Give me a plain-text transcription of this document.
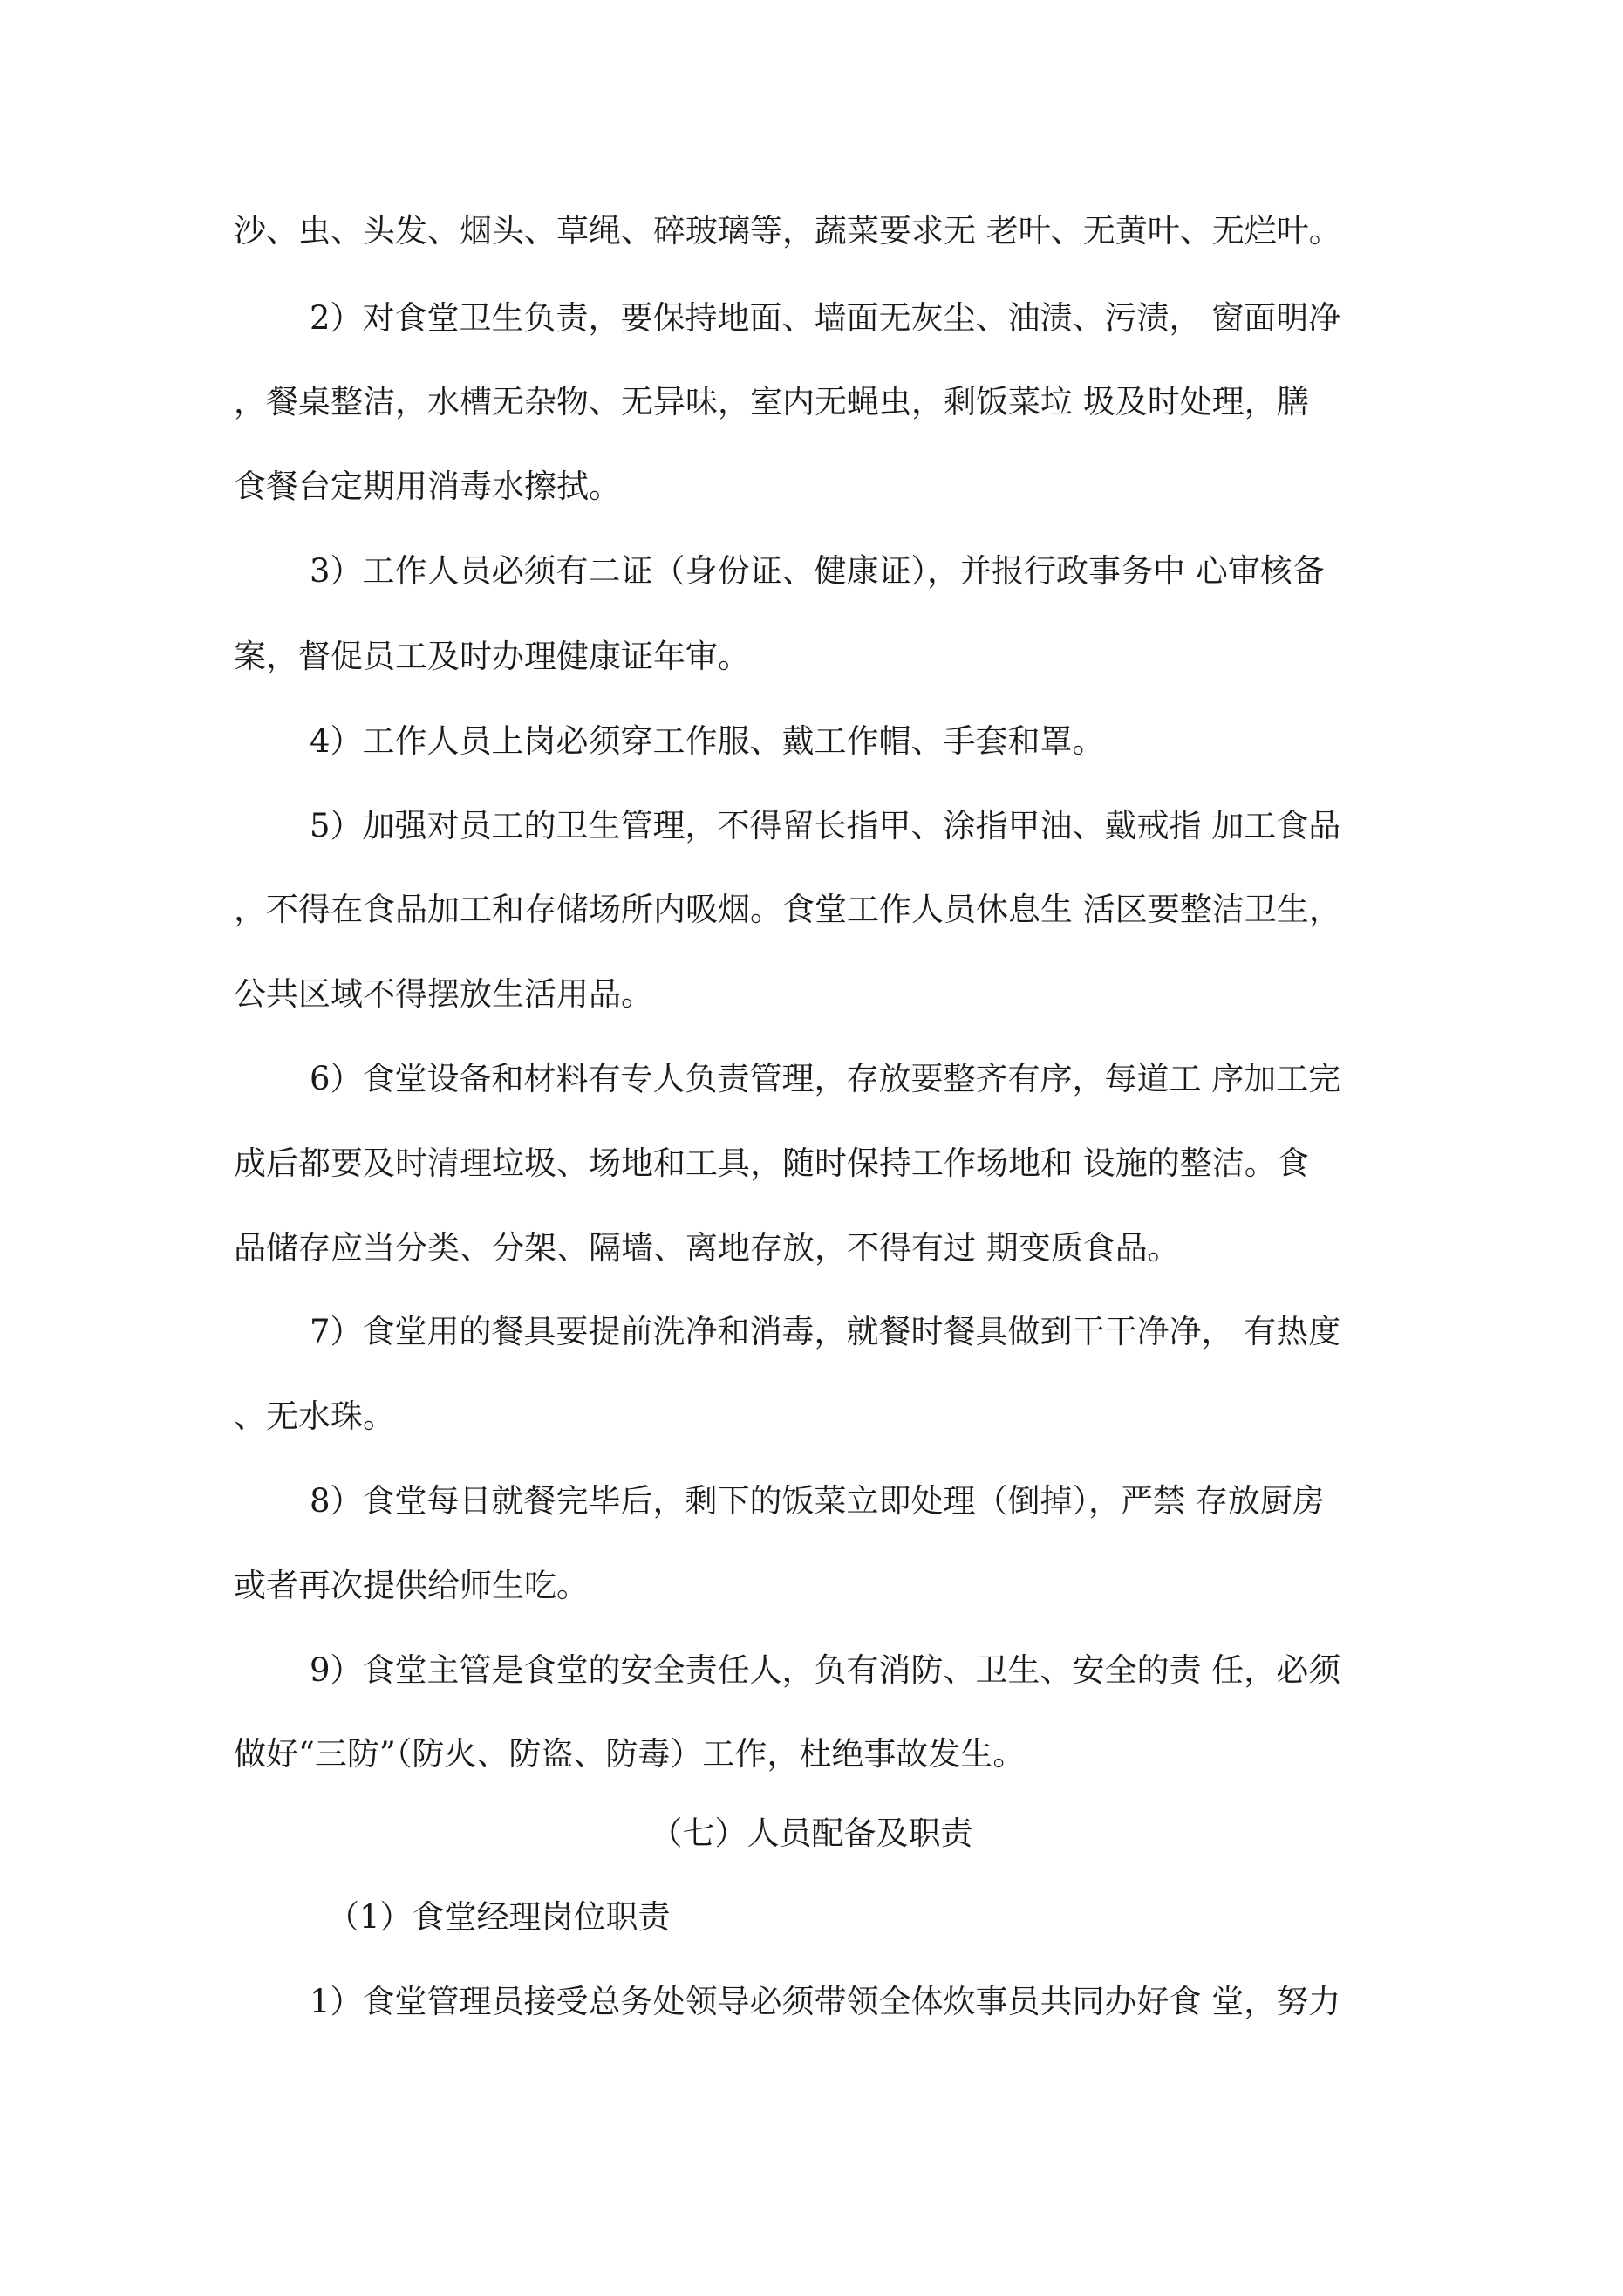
沙、虫、头发、烟头、草绳、碎玻璃等，蔬菜要求无 老叶、无黄叶、无烂叶。
2）对食堂卫生负责，要保持地面、墙面无灰尘、油渍、污渍， 窗面明净
，餐桌整洁，水槽无杂物、无异味，室内无蝇虫，剩饭菜垃 圾及时处理，膳
食餐台定期用消毒水擦拭。
3）工作人员必须有二证（身份证、健康证），并报行政事务中 心审核备
案，督促员工及时办理健康证年审。
4）工作人员上岗必须穿工作服、戴工作帽、手套和罩。
5）加强对员工的卫生管理，不得留长指甲、涂指甲油、戴戒指 加工食品
，不得在食品加工和存储场所内吸烟。食堂工作人员休息生 活区要整洁卫生，
公共区域不得摆放生活用品。
6）食堂设备和材料有专人负责管理，存放要整齐有序，每道工 序加工完
成后都要及时清理垃圾、场地和工具，随时保持工作场地和 设施的整洁。食
品储存应当分类、分架、隔墙、离地存放，不得有过 期变质食品。
7）食堂用的餐具要提前洗净和消毒，就餐时餐具做到干干净净， 有热度
、无水珠。
8）食堂每日就餐完毕后，剩下的饭菜立即处理（倒掉），严禁 存放厨房
或者再次提供给师生吃。
9）食堂主管是食堂的安全责任人，负有消防、卫生、安全的责 任，必须
做好“三防”（防火、防盗、防毒）工作，杜绝事故发生。
（七）人员配备及职责
（1）食堂经理岗位职责
1）食堂管理员接受总务处领导必须带领全体炊事员共同办好食 堂，努力
